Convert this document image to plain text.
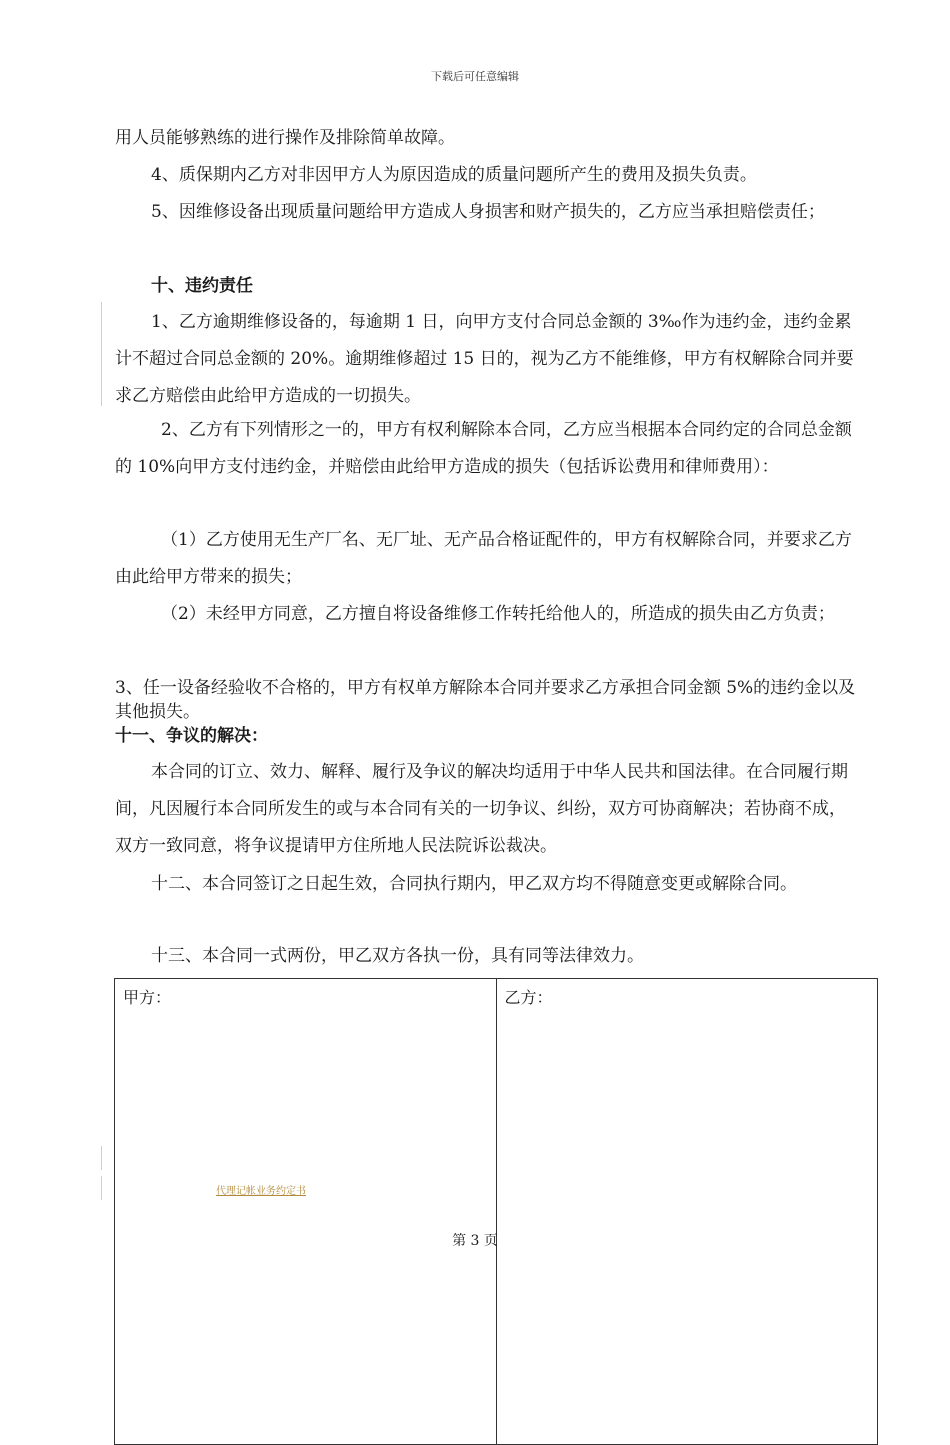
下载后可任意编辑

用人员能够熟练的进行操作及排除简单故障。

4、质保期内乙方对非因甲方人为原因造成的质量问题所产生的费用及损失负责。

5、因维修设备出现质量问题给甲方造成人身损害和财产损失的，乙方应当承担赔偿责任；

十、违约责任

1、乙方逾期维修设备的，每逾期 1 日，向甲方支付合同总金额的 3‰作为违约金，违约金累计不超过合同总金额的 20%。逾期维修超过 15 日的，视为乙方不能维修，甲方有权解除合同并要求乙方赔偿由此给甲方造成的一切损失。

2、乙方有下列情形之一的，甲方有权利解除本合同，乙方应当根据本合同约定的合同总金额的 10%向甲方支付违约金，并赔偿由此给甲方造成的损失（包括诉讼费用和律师费用）：

（1）乙方使用无生产厂名、无厂址、无产品合格证配件的，甲方有权解除合同，并要求乙方由此给甲方带来的损失；

（2）未经甲方同意，乙方擅自将设备维修工作转托给他人的，所造成的损失由乙方负责；

3、任一设备经验收不合格的，甲方有权单方解除本合同并要求乙方承担合同金额 5%的违约金以及其他损失。

十一、争议的解决：

本合同的订立、效力、解释、履行及争议的解决均适用于中华人民共和国法律。在合同履行期间，凡因履行本合同所发生的或与本合同有关的一切争议、纠纷，双方可协商解决；若协商不成，双方一致同意，将争议提请甲方住所地人民法院诉讼裁决。

十二、本合同签订之日起生效，合同执行期内，甲乙双方均不得随意变更或解除合同。

十三、本合同一式两份，甲乙双方各执一份，具有同等法律效力。

甲方：	乙方：
代理记帐业务约定书
第 3 页
